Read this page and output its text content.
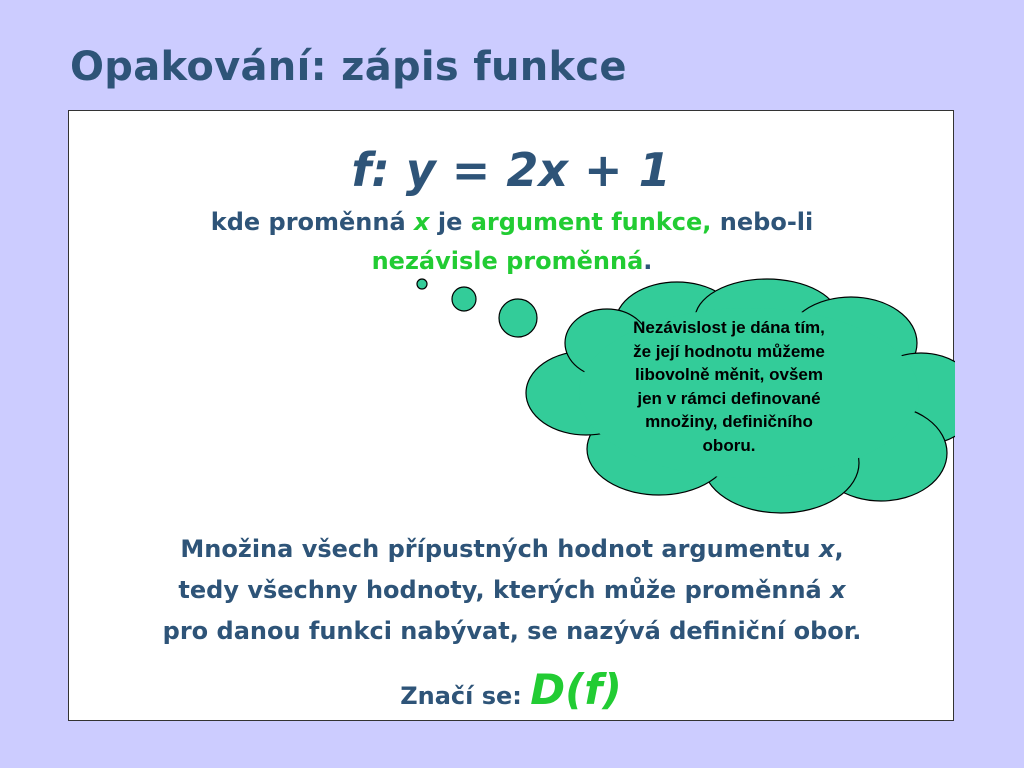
Opakování: zápis funkce
f: y = 2x + 1
kde proměnná x je argument funkce, nebo-li
nezávisle proměnná.
Nezávislost je dána tím,
že její hodnotu můžeme
libovolně měnit, ovšem
jen v rámci definované
množiny, definičního
oboru.
Množina všech přípustných hodnot argumentu x,
tedy všechny hodnoty, kterých může proměnná x
pro danou funkci nabývat, se nazývá definiční obor.
Značí se: D(f)
